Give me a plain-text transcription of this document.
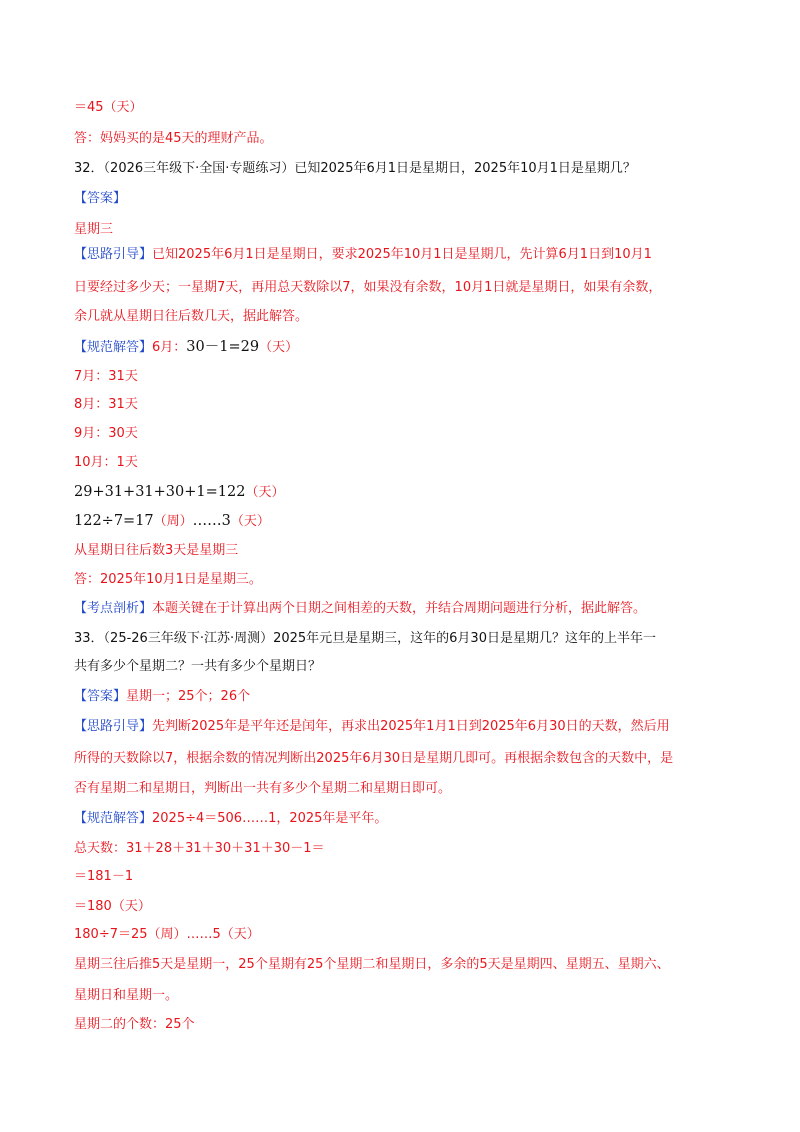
＝45（天）
答：妈妈买的是45天的理财产品。
32．（2026三年级下·全国·专题练习）已知2025年6月1日是星期日，2025年10月1日是星期几？
【答案】
星期三
【思路引导】已知2025年6月1日是星期日，要求2025年10月1日是星期几，先计算6月1日到10月1
日要经过多少天；一星期7天，再用总天数除以7，如果没有余数，10月1日就是星期日，如果有余数，
余几就从星期日往后数几天，据此解答。
【规范解答】6月：30－1=29（天）
7月：31天
8月：31天
9月：30天
10月：1天
29+31+31+30+1=122（天）
122÷7=17（周）……3（天）
从星期日往后数3天是星期三
答：2025年10月1日是星期三。
【考点剖析】本题关键在于计算出两个日期之间相差的天数，并结合周期问题进行分析，据此解答。
33．（25-26三年级下·江苏·周测）2025年元旦是星期三，这年的6月30日是星期几？这年的上半年一
共有多少个星期二？一共有多少个星期日？
【答案】星期一；25个；26个
【思路引导】先判断2025年是平年还是闰年，再求出2025年1月1日到2025年6月30日的天数，然后用
所得的天数除以7，根据余数的情况判断出2025年6月30日是星期几即可。再根据余数包含的天数中，是
否有星期二和星期日，判断出一共有多少个星期二和星期日即可。
【规范解答】2025÷4＝506……1，2025年是平年。
总天数：31＋28＋31＋30＋31＋30－1＝
＝181－1
＝180（天）
180÷7＝25（周）……5（天）
星期三往后推5天是星期一，25个星期有25个星期二和星期日，多余的5天是星期四、星期五、星期六、
星期日和星期一。
星期二的个数：25个
